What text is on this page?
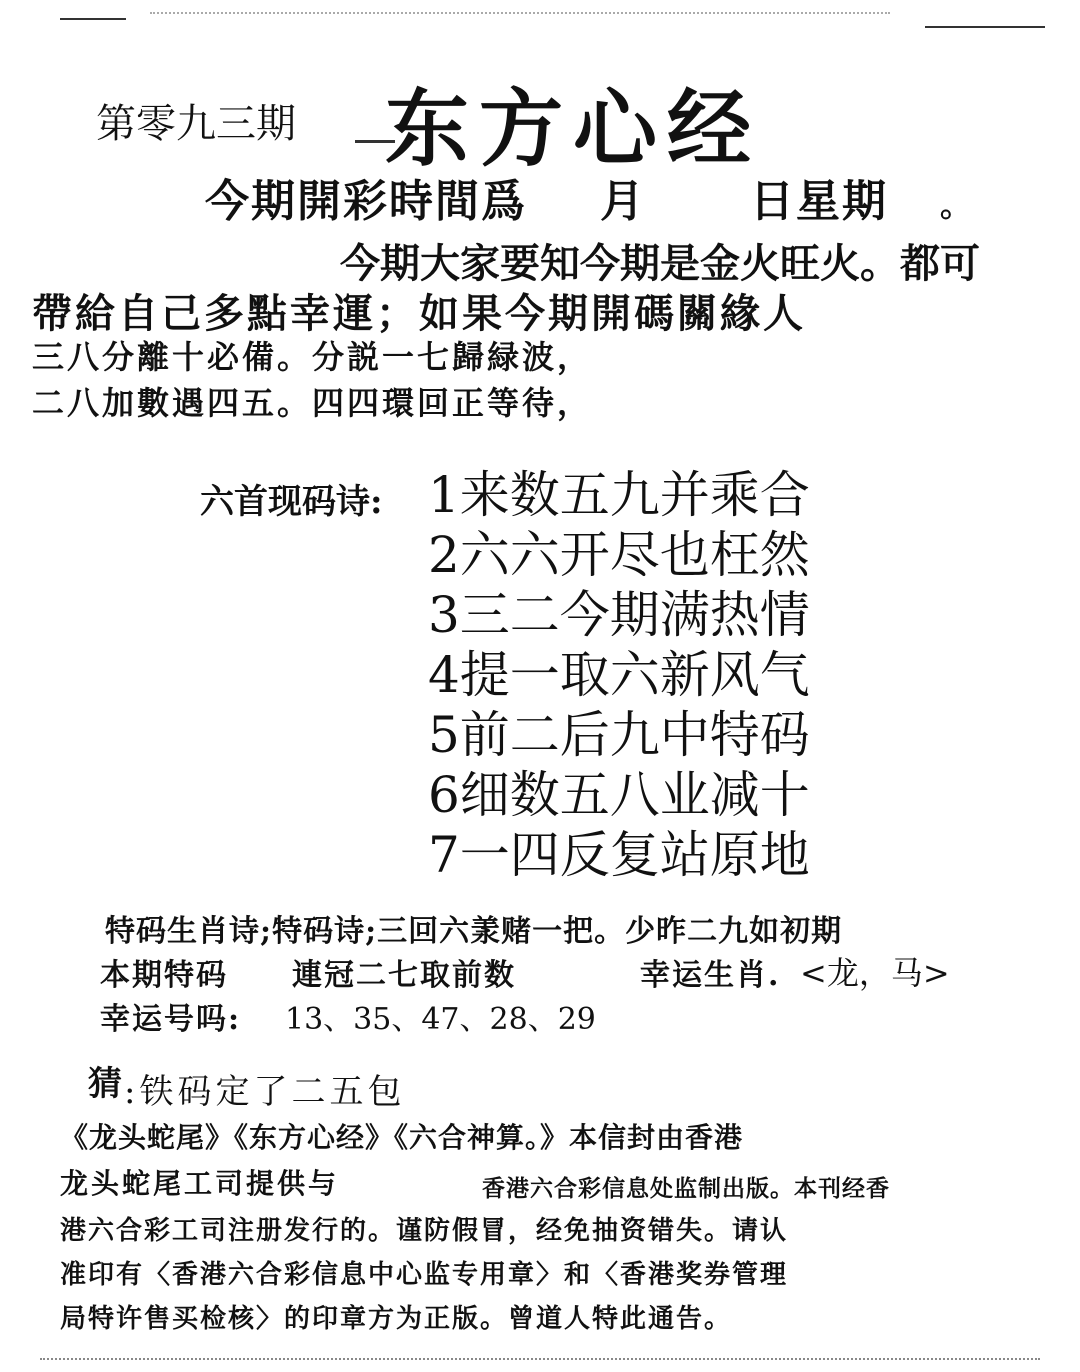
第零九三期 东方心经
今期開彩時間爲 月 日星期 。
今期大家要知今期是金火旺火。都可
帶給自己多點幸運；如果今期開碼關緣人
三八分離十必備。分説一七歸緑波，
二八加數遇四五。四四環回正等待，
六首现码诗: 1来数五九并乘合
2六六开尽也枉然
3三二今期满热情
4提一取六新风气
5前二后九中特码
6细数五八业减十
7一四反复站原地
特码生肖诗;特码诗;三回六羕赌一把。少昨二九如初期
本期特码 連冠二七取前数	幸运生肖. <龙，马>
幸运号吗: 13、35、47、28、29
猜 :铁码定了二五包
《龙头蛇尾》《东方心经》《六合神算。》本信封由香港
龙头蛇尾工司提供与	香港六合彩信息处监制出版。本刊经香
港六合彩工司注册发行的。谨防假冒，经免抽资错失。请认
准印有〈香港六合彩信息中心监专用章〉和〈香港奖券管理
局特许售买检核〉的印章方为正版。曾道人特此通告。
